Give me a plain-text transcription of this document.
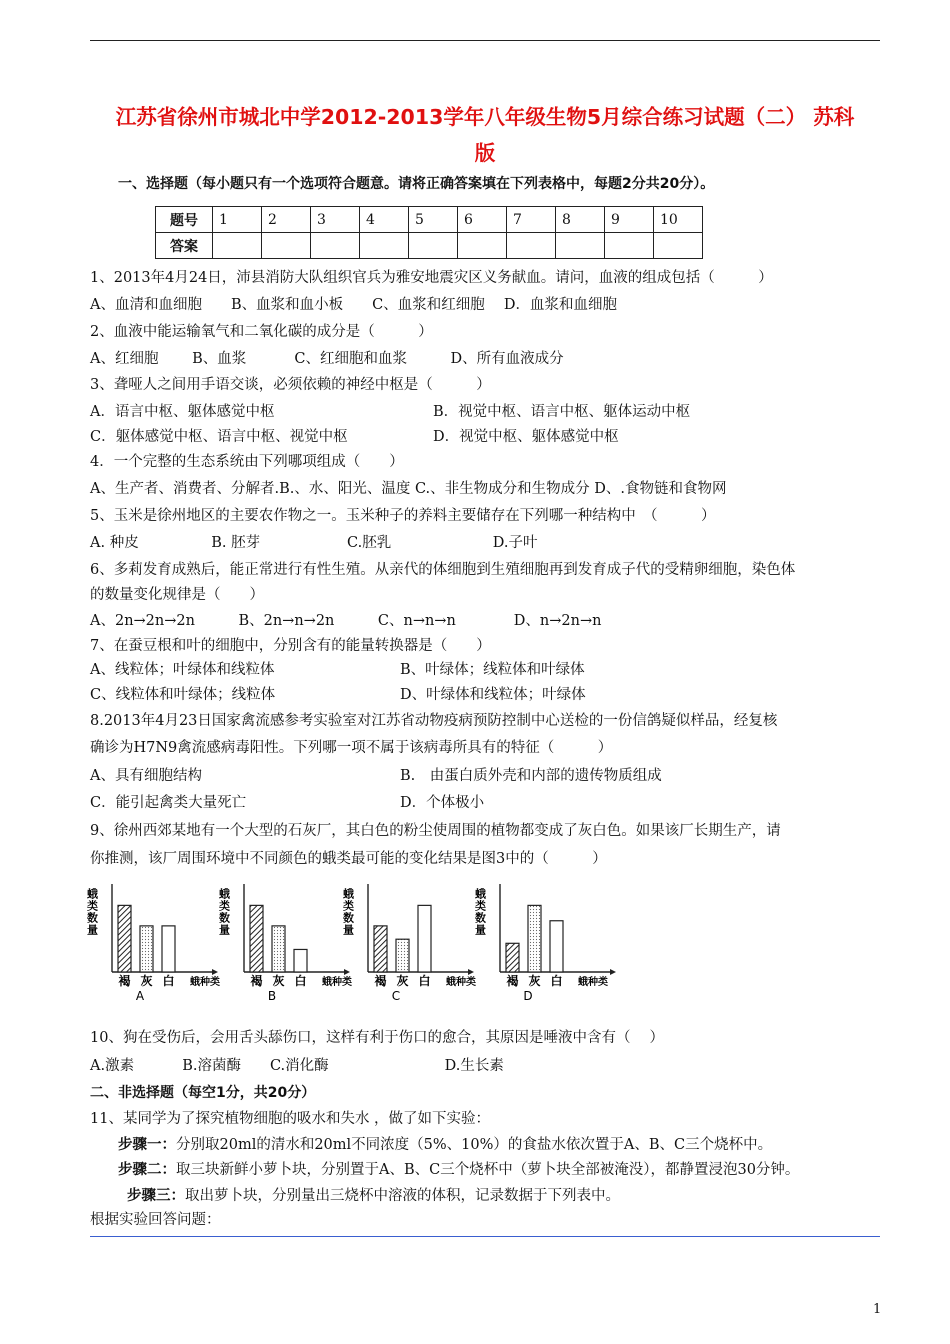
江苏省徐州市城北中学2012-2013学年八年级生物5月综合练习试题（二） 苏科
版
一、选择题（每小题只有一个选项符合题意。请将正确答案填在下列表格中，每题2分共20分）。
题号	1	2	3	4	5	6	7	8	9	10
答案										
1、2013年4月24日，沛县消防大队组织官兵为雅安地震灾区义务献血。请问，血液的组成包括（　　　）
A、血清和血细胞　　B、血浆和血小板　　C、血浆和红细胞　 D．血浆和血细胞
2、血液中能运输氧气和二氧化碳的成分是（　　　）
A、红细胞　　 B、血浆　　　 C、红细胞和血浆　　　D、所有血液成分
3、聋哑人之间用手语交谈，必须依赖的神经中枢是（　　　）
A．语言中枢、躯体感觉中枢	B．视觉中枢、语言中枢、躯体运动中枢
C．躯体感觉中枢、语言中枢、视觉中枢	D．视觉中枢、躯体感觉中枢
4．一个完整的生态系统由下列哪项组成（　　）
A、生产者、消费者、分解者.B.、水、阳光、温度 C.、非生物成分和生物成分 D、.食物链和食物网
5、玉米是徐州地区的主要农作物之一。玉米种子的养料主要储存在下列哪一种结构中　（　　　）
A. 种皮　　　　　B. 胚芽　　　　　　C.胚乳　　　　　　　D.子叶
6、多莉发育成熟后，能正常进行有性生殖。从亲代的体细胞到生殖细胞再到发育成子代的受精卵细胞，染色体
的数量变化规律是（　　）
A、2n→2n→2n　　　B、2n→n→2n　　　C、n→n→n　　　　D、n→2n→n
7、在蚕豆根和叶的细胞中，分别含有的能量转换器是（　　）
A、线粒体；叶绿体和线粒体	B、叶绿体；线粒体和叶绿体
C、线粒体和叶绿体；线粒体	D、叶绿体和线粒体；叶绿体
8.2013年4月23日国家禽流感参考实验室对江苏省动物疫病预防控制中心送检的一份信鸽疑似样品，经复核
确诊为H7N9禽流感病毒阳性。下列哪一项不属于该病毒所具有的特征（　　　）
A、具有细胞结构	B.　由蛋白质外壳和内部的遗传物质组成
C．能引起禽类大量死亡	D．个体极小
9、徐州西郊某地有一个大型的石灰厂，其白色的粉尘使周围的植物都变成了灰白色。如果该厂长期生产，请
你推测，该厂周围环境中不同颜色的蛾类最可能的变化结果是图3中的（　　　）
蛾类数量
褐 灰 白 蛾种类
A
蛾类数量
褐 灰 白 蛾种类
B
蛾类数量
褐 灰 白 蛾种类
C
蛾类数量
褐 灰 白 蛾种类
D
10、狗在受伤后，会用舌头舔伤口，这样有利于伤口的愈合，其原因是唾液中含有（　 ）
A.激素　　　 B.溶菌酶　　C.消化酶　　　　　　　　D.生长素
二、非选择题（每空1分，共20分）
11、某同学为了探究植物细胞的吸水和失水 ，做了如下实验：
步骤一：分别取20ml的清水和20ml不同浓度（5%、10%）的食盐水依次置于A、B、C三个烧杯中。
步骤二：取三块新鲜小萝卜块，分别置于A、B、C三个烧杯中（萝卜块全部被淹没），都静置浸泡30分钟。
步骤三：取出萝卜块，分别量出三烧杯中溶液的体积，记录数据于下列表中。
根据实验回答问题：
1
